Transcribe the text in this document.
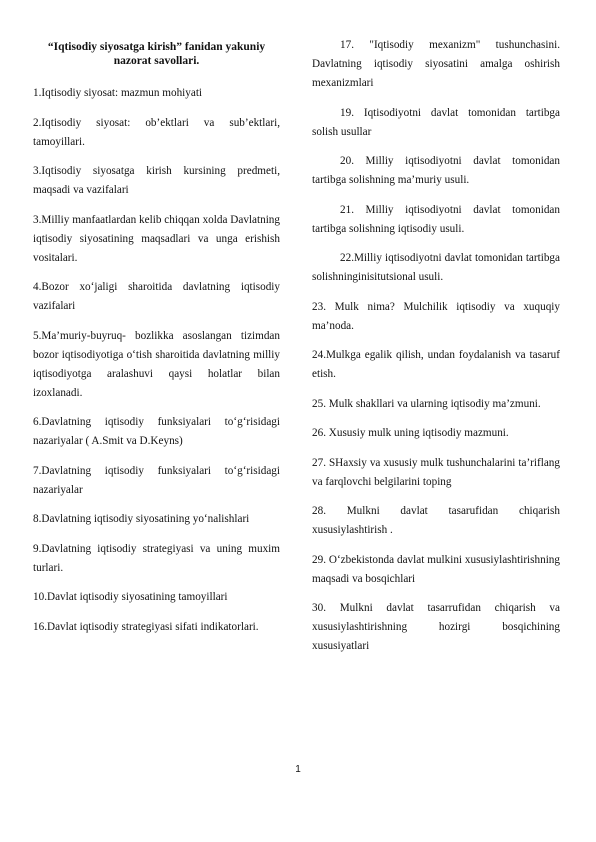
“Iqtisodiy siyosatga kirish” fanidan yakuniy nazorat savollari.

1.Iqtisodiy siyosat: mazmun mohiyati

2.Iqtisodiy siyosat: ob’ektlari va sub’ektlari, tamoyillari.

3.Iqtisodiy siyosatga kirish kursining predmeti, maqsadi va vazifalari

3.Milliy manfaatlardan kelib chiqqan xolda Davlatning iqtisodiy siyosatining maqsadlari va unga erishish vositalari.

4.Bozor xo‘jaligi sharoitida davlatning iqtisodiy vazifalari

5.Ma’muriy-buyruq- bozlikka asoslangan tizimdan bozor iqtisodiyotiga o‘tish sharoitida davlatning milliy iqtisodiyotga aralashuvi qaysi holatlar bilan izoxlanadi.

6.Davlatning iqtisodiy funksiyalari to‘g‘risidagi nazariyalar ( A.Smit va D.Keyns)

7.Davlatning iqtisodiy funksiyalari to‘g‘risidagi nazariyalar

8.Davlatning iqtisodiy siyosatining yo‘nalishlari

9.Davlatning iqtisodiy strategiyasi va uning muxim turlari.

10.Davlat iqtisodiy siyosatining tamoyillari

16.Davlat iqtisodiy strategiyasi sifati indikatorlari.

17. "Iqtisodiy mexanizm" tushunchasini. Davlatning iqtisodiy siyosatini amalga oshirish mexanizmlari

19. Iqtisodiyotni davlat tomonidan tartibga solish usullar

20. Milliy iqtisodiyotni davlat tomonidan tartibga solishning ma’muriy usuli.

21. Milliy iqtisodiyotni davlat tomonidan tartibga solishning iqtisodiy usuli.

22.Milliy iqtisodiyotni davlat tomonidan tartibga solishninginisitutsional usuli.

23. Mulk nima? Mulchilik iqtisodiy va xuquqiy ma’noda.

24.Mulkga egalik qilish, undan foydalanish va tasaruf etish.

25. Mulk shakllari va ularning iqtisodiy ma’zmuni.

26. Xususiy mulk uning iqtisodiy mazmuni.

27. SHaxsiy va xususiy mulk tushunchalarini ta’riflang va farqlovchi belgilarini toping

28. Mulkni davlat tasarufidan chiqarish xususiylashtirish .

29. O‘zbekistonda davlat mulkini xususiylashtirishning maqsadi va bosqichlari

30. Mulkni davlat tasarrufidan chiqarish va xususiylashtirishning hozirgi bosqichining xususiyatlari

1
